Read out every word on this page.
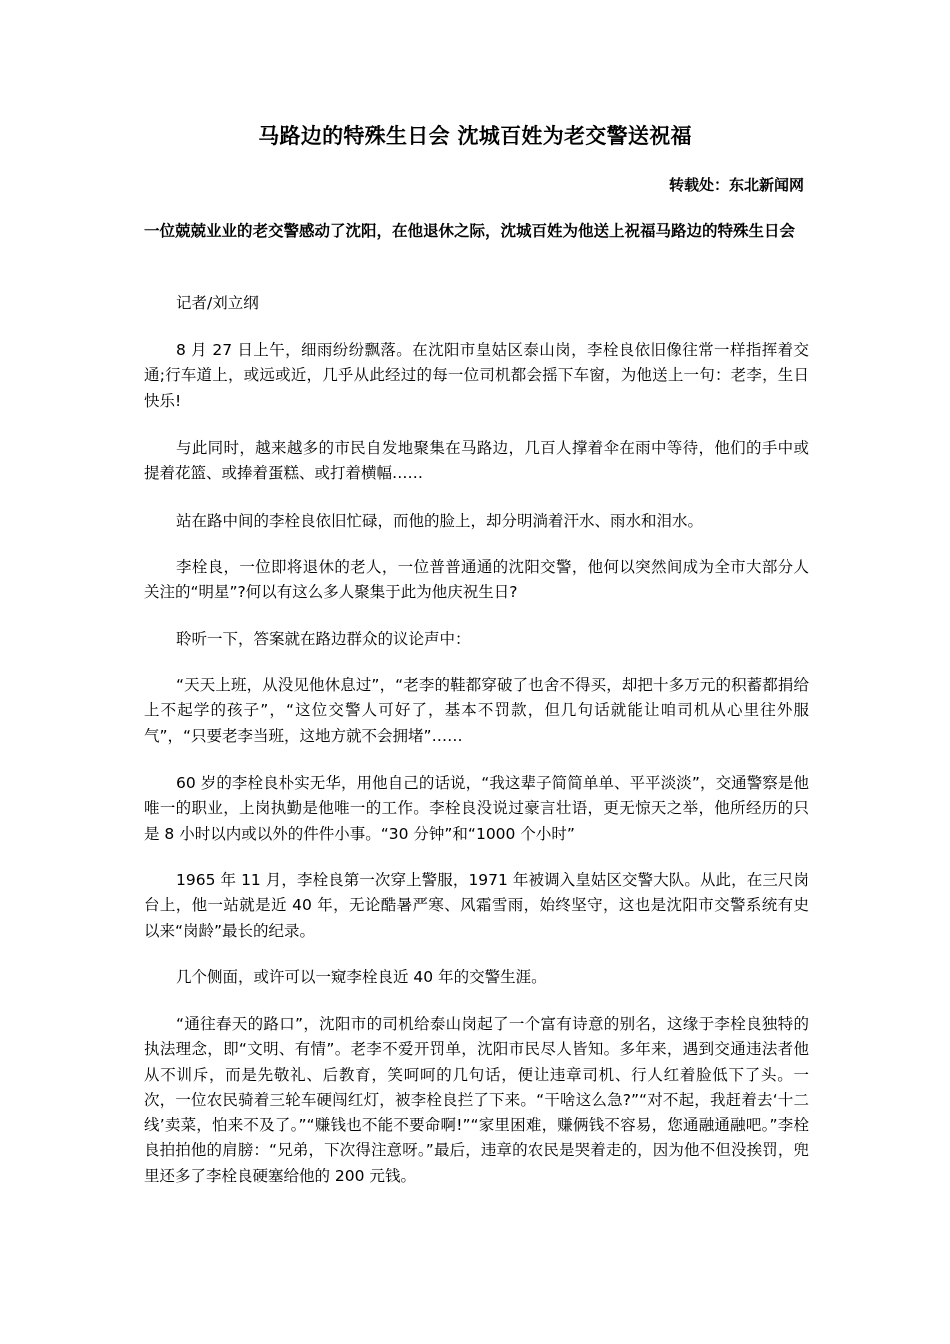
马路边的特殊生日会 沈城百姓为老交警送祝福
转载处：东北新闻网
一位兢兢业业的老交警感动了沈阳，在他退休之际，沈城百姓为他送上祝福马路边的特殊生日会

记者/刘立纲

8 月 27 日上午，细雨纷纷飘落。在沈阳市皇姑区泰山岗，李栓良依旧像往常一样指挥着交通;行车道上，或远或近，几乎从此经过的每一位司机都会摇下车窗，为他送上一句：老李，生日快乐!

与此同时，越来越多的市民自发地聚集在马路边，几百人撑着伞在雨中等待，他们的手中或提着花篮、或捧着蛋糕、或打着横幅……

站在路中间的李栓良依旧忙碌，而他的脸上，却分明淌着汗水、雨水和泪水。

李栓良，一位即将退休的老人，一位普普通通的沈阳交警，他何以突然间成为全市大部分人关注的“明星”?何以有这么多人聚集于此为他庆祝生日?

聆听一下，答案就在路边群众的议论声中：

“天天上班，从没见他休息过”，“老李的鞋都穿破了也舍不得买，却把十多万元的积蓄都捐给上不起学的孩子”，“这位交警人可好了，基本不罚款，但几句话就能让咱司机从心里往外服气”，“只要老李当班，这地方就不会拥堵”……

60 岁的李栓良朴实无华，用他自己的话说，“我这辈子简简单单、平平淡淡”，交通警察是他唯一的职业，上岗执勤是他唯一的工作。李栓良没说过豪言壮语，更无惊天之举，他所经历的只是 8 小时以内或以外的件件小事。“30 分钟”和“1000 个小时”

1965 年 11 月，李栓良第一次穿上警服，1971 年被调入皇姑区交警大队。从此，在三尺岗台上，他一站就是近 40 年，无论酷暑严寒、风霜雪雨，始终坚守，这也是沈阳市交警系统有史以来“岗龄”最长的纪录。

几个侧面，或许可以一窥李栓良近 40 年的交警生涯。

“通往春天的路口”，沈阳市的司机给泰山岗起了一个富有诗意的别名，这缘于李栓良独特的执法理念，即“文明、有情”。老李不爱开罚单，沈阳市民尽人皆知。多年来，遇到交通违法者他从不训斥，而是先敬礼、后教育，笑呵呵的几句话，便让违章司机、行人红着脸低下了头。一次，一位农民骑着三轮车硬闯红灯，被李栓良拦了下来。“干啥这么急?”“对不起，我赶着去‘十二线’卖菜，怕来不及了。”“赚钱也不能不要命啊!”“家里困难，赚俩钱不容易，您通融通融吧。”李栓良拍拍他的肩膀：“兄弟，下次得注意呀。”最后，违章的农民是哭着走的，因为他不但没挨罚，兜里还多了李栓良硬塞给他的 200 元钱。
